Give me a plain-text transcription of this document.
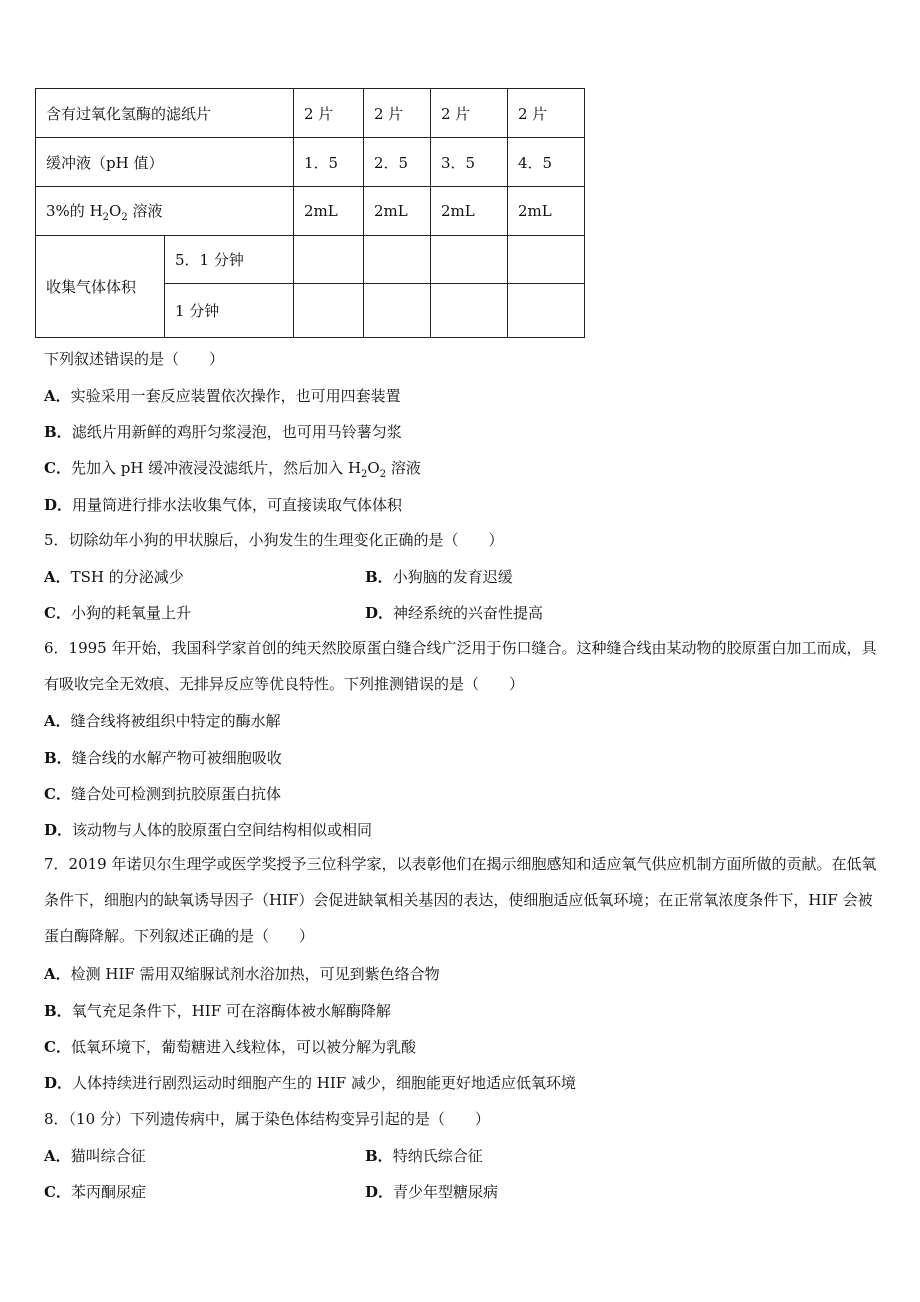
含有过氧化氢酶的滤纸片		2 片	2 片	2 片	2 片
缓冲液（pH 值）		1．5	2．5	3．5	4．5
3%的 $H_2O_2$ 溶液		2mL	2mL	2mL	2mL
收集气体体积	5．1 分钟				
	1 分钟				
下列叙述错误的是（　　）
A．实验采用一套反应装置依次操作，也可用四套装置
B．滤纸片用新鲜的鸡肝匀浆浸泡，也可用马铃薯匀浆
C．先加入 pH 缓冲液浸没滤纸片，然后加入 $H_2O_2$ 溶液
D．用量筒进行排水法收集气体，可直接读取气体体积
5．切除幼年小狗的甲状腺后，小狗发生的生理变化正确的是（　　）
A．TSH 的分泌减少	B．小狗脑的发育迟缓
C．小狗的耗氧量上升	D．神经系统的兴奋性提高
6．1995 年开始，我国科学家首创的纯天然胶原蛋白缝合线广泛用于伤口缝合。这种缝合线由某动物的胶原蛋白加工而成，具有吸收完全无效痕、无排异反应等优良特性。下列推测错误的是（　　）
A．缝合线将被组织中特定的酶水解
B．缝合线的水解产物可被细胞吸收
C．缝合处可检测到抗胶原蛋白抗体
D．该动物与人体的胶原蛋白空间结构相似或相同
7．2019 年诺贝尔生理学或医学奖授予三位科学家，以表彰他们在揭示细胞感知和适应氧气供应机制方面所做的贡献。在低氧条件下，细胞内的缺氧诱导因子（HIF）会促进缺氧相关基因的表达，使细胞适应低氧环境；在正常氧浓度条件下，HIF 会被蛋白酶降解。下列叙述正确的是（　　）
A．检测 HIF 需用双缩脲试剂水浴加热，可见到紫色络合物
B．氧气充足条件下，HIF 可在溶酶体被水解酶降解
C．低氧环境下，葡萄糖进入线粒体，可以被分解为乳酸
D．人体持续进行剧烈运动时细胞产生的 HIF 减少，细胞能更好地适应低氧环境
8．（10 分）下列遗传病中，属于染色体结构变异引起的是（　　）
A．猫叫综合征	B．特纳氏综合征
C．苯丙酮尿症	D．青少年型糖尿病
